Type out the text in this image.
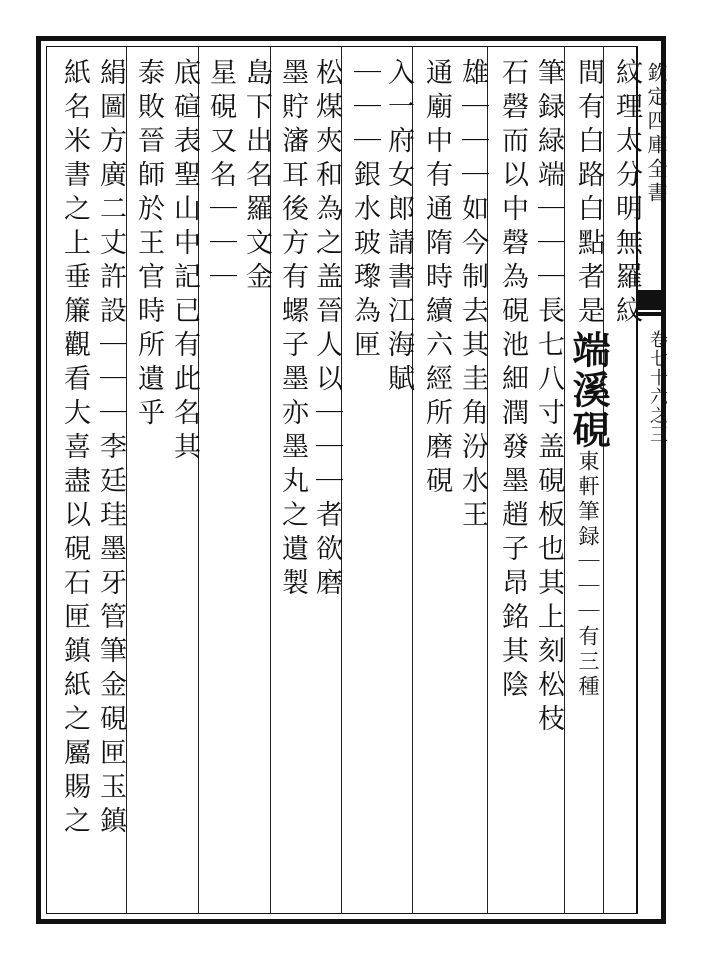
欽定四庫全書
卷七十六之三
紋理太分明無羅紋
間有白路白點者是端溪硯東軒筆録｜｜｜有三種
筆録緑端｜｜｜長七八寸盖硯板也其上刻松枝
石磬而以中磬為硯池細潤發墨趙子昂銘其陰
雄｜｜｜如今制去其圭角汾水王
通廟中有通隋時續六經所磨硯
入一府女郎請書江海賦
｜｜｜銀水玻瓈為匣
松煤夾和為之盖晉人以｜｜｜者欲磨
墨貯瀋耳後方有螺子墨亦墨丸之遺製
島下出名羅文金
星硯又名｜｜｜
底碹表聖山中記已有此名其
泰敗晉師於王官時所遺乎
絹圖方廣二丈許設｜｜｜李廷珪墨牙管筆金硯匣玉鎮
紙名米書之上垂簾觀看大喜盡以硯石匣鎮紙之屬賜之
